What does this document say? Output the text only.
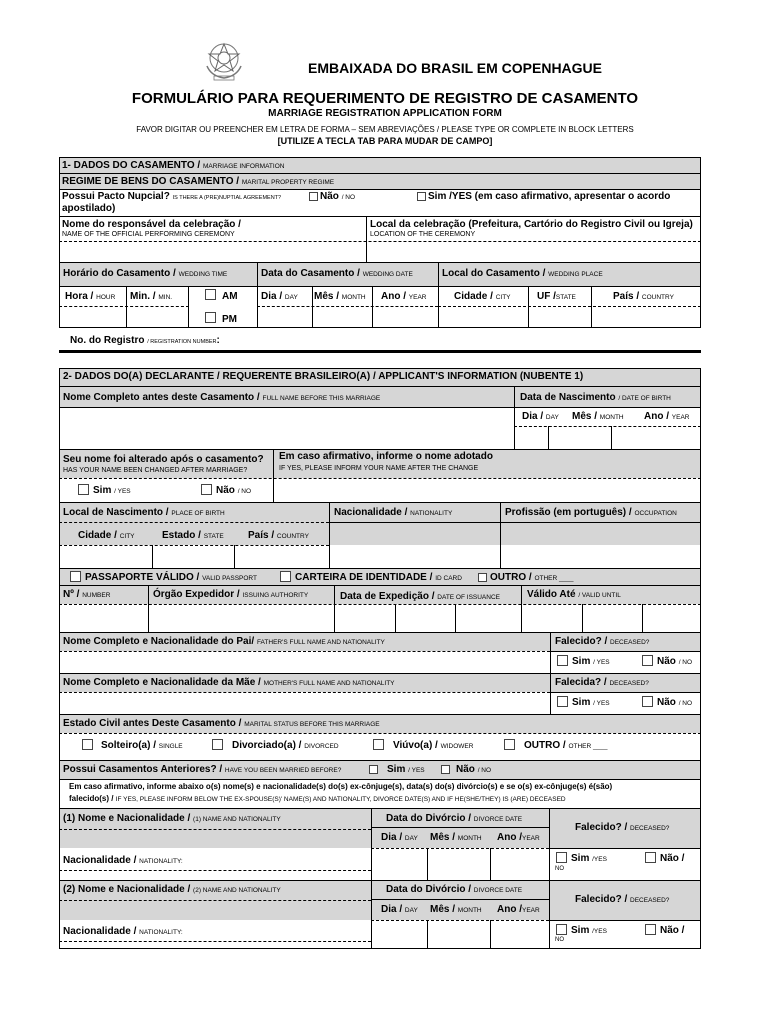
EMBAIXADA DO BRASIL EM COPENHAGUE
FORMULÁRIO PARA REQUERIMENTO DE REGISTRO DE CASAMENTO
MARRIAGE REGISTRATION APPLICATION FORM
FAVOR DIGITAR OU PREENCHER EM LETRA DE FORMA – SEM ABREVIAÇÕES / PLEASE TYPE OR COMPLETE IN BLOCK LETTERS
[UTILIZE A TECLA TAB PARA MUDAR DE CAMPO]
1- DADOS DO CASAMENTO / MARRIAGE INFORMATION
REGIME DE BENS DO CASAMENTO / MARITAL PROPERTY REGIME
Possui Pacto Nupcial? IS THERE A (PRE)NUPTIAL AGREEMENT?	Não / NO	Sim /YES (em caso afirmativo, apresentar o acordo
apostilado)
Nome do responsável da celebração /
NAME OF THE OFFICIAL PERFORMING CEREMONY
Local da celebração (Prefeitura, Cartório do Registro Civil ou Igreja)
LOCATION OF THE CEREMONY
Horário do Casamento / WEDDING TIME	Data do Casamento / WEDDING DATE	Local do Casamento / WEDDING PLACE
Hora / HOUR Min. / MIN.	AM
PM
Dia / DAY Mês / MONTH Ano / YEAR	Cidade / CITY	UF /STATE	País / COUNTRY
No. do Registro / REGISTRATION NUMBER:
2- DADOS DO(A) DECLARANTE / REQUERENTE BRASILEIRO(A) / APPLICANT'S INFORMATION (NUBENTE 1)
Nome Completo antes deste Casamento / FULL NAME BEFORE THIS MARRIAGE	Data de Nascimento / DATE OF BIRTH
Dia / DAY Mês / MONTH Ano / YEAR
Seu nome foi alterado após o casamento?
HAS YOUR NAME BEEN CHANGED AFTER MARRIAGE?
Em caso afirmativo, informe o nome adotado
IF YES, PLEASE INFORM YOUR NAME AFTER THE CHANGE
Sim / YES	Não / NO
Local de Nascimento / PLACE OF BIRTH	Nacionalidade / NATIONALITY	Profissão (em português) / OCCUPATION
Cidade / CITY	Estado / STATE País / COUNTRY
PASSAPORTE VÁLIDO / VALID PASSPORT	CARTEIRA DE IDENTIDADE / ID CARD	OUTRO / OTHER ____
Nº / NUMBER	Órgão Expedidor / ISSUING AUTHORITY	Data de Expedição / DATE OF ISSUANCE	Válido Até / VALID UNTIL
Nome Completo e Nacionalidade do Pai/ FATHER'S FULL NAME AND NATIONALITY	Falecido? / DECEASED?
Sim / YES	Não / NO
Nome Completo e Nacionalidade da Mãe / MOTHER'S FULL NAME AND NATIONALITY	Falecida? / DECEASED?
Sim / YES	Não / NO
Estado Civil antes Deste Casamento / MARITAL STATUS BEFORE THIS MARRIAGE
Solteiro(a) / SINGLE	Divorciado(a) / DIVORCED	Viúvo(a) / WIDOWER	OUTRO / OTHER ____
Possui Casamentos Anteriores? / HAVE YOU BEEN MARRIED BEFORE?	Sim / YES	Não / NO
Em caso afirmativo, informe abaixo o(s) nome(s) e nacionalidade(s) do(s) ex-cônjuge(s), data(s) do(s) divórcio(s) e se o(s) ex-cônjuge(s) é(são)
falecido(s) / IF YES, PLEASE INFORM BELOW THE EX-SPOUSE(S)' NAME(S) AND NATIONALITY, DIVORCE DATE(S) AND IF HE(SHE/THEY) IS (ARE) DECEASED
(1) Nome e Nacionalidade / (1) NAME AND NATIONALITY	Data do Divórcio / DIVORCE DATE
Falecido? / DECEASED?
Dia / DAY Mês / MONTH Ano /YEAR
Nacionalidade / NATIONALITY:	Sim /YES	Não /
NO
(2) Nome e Nacionalidade / (2) NAME AND NATIONALITY	Data do Divórcio / DIVORCE DATE
Falecido? / DECEASED?
Dia / DAY Mês / MONTH Ano /YEAR
Nacionalidade / NATIONALITY:	Sim /YES	Não /
NO
